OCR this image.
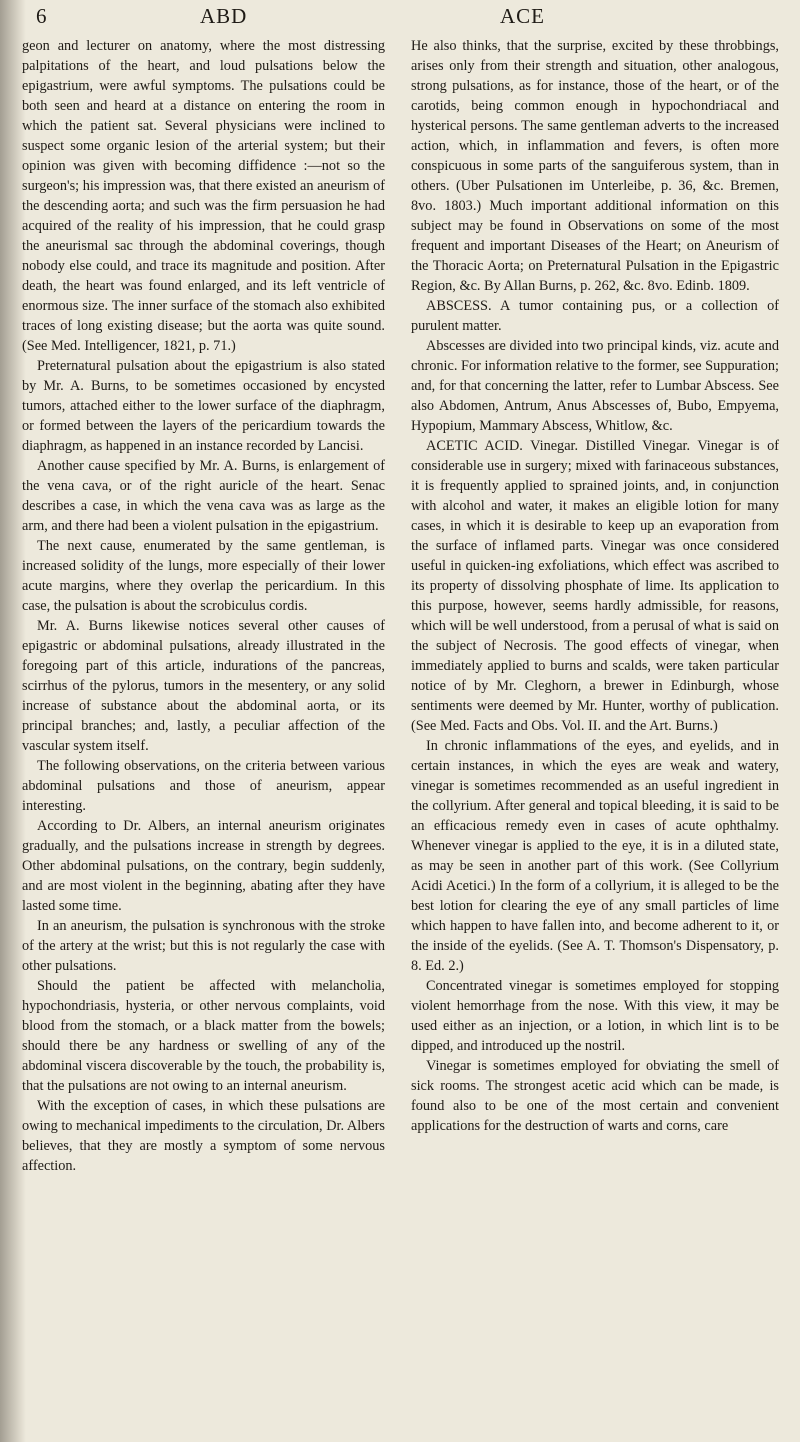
6	ABD	ACE

geon and lecturer on anatomy, where the most distressing palpitations of the heart, and loud pulsations below the epigastrium, were awful symptoms. The pulsations could be both seen and heard at a distance on entering the room in which the patient sat. Several physicians were inclined to suspect some organic lesion of the arterial system; but their opinion was given with becoming diffidence :—not so the surgeon's; his impression was, that there existed an aneurism of the descending aorta; and such was the firm persuasion he had acquired of the reality of his impression, that he could grasp the aneurismal sac through the abdominal coverings, though nobody else could, and trace its magnitude and position. After death, the heart was found enlarged, and its left ventricle of enormous size. The inner surface of the stomach also exhibited traces of long existing disease; but the aorta was quite sound. (See Med. Intelligencer, 1821, p. 71.)

Preternatural pulsation about the epigastrium is also stated by Mr. A. Burns, to be sometimes occasioned by encysted tumors, attached either to the lower surface of the diaphragm, or formed between the layers of the pericardium towards the diaphragm, as happened in an instance recorded by Lancisi.

Another cause specified by Mr. A. Burns, is enlargement of the vena cava, or of the right auricle of the heart. Senac describes a case, in which the vena cava was as large as the arm, and there had been a violent pulsation in the epigastrium.

The next cause, enumerated by the same gentleman, is increased solidity of the lungs, more especially of their lower acute margins, where they overlap the pericardium. In this case, the pulsation is about the scrobiculus cordis.

Mr. A. Burns likewise notices several other causes of epigastric or abdominal pulsations, already illustrated in the foregoing part of this article, indurations of the pancreas, scirrhus of the pylorus, tumors in the mesentery, or any solid increase of substance about the abdominal aorta, or its principal branches; and, lastly, a peculiar affection of the vascular system itself.

The following observations, on the criteria between various abdominal pulsations and those of aneurism, appear interesting.

According to Dr. Albers, an internal aneurism originates gradually, and the pulsations increase in strength by degrees. Other abdominal pulsations, on the contrary, begin suddenly, and are most violent in the beginning, abating after they have lasted some time.

In an aneurism, the pulsation is synchronous with the stroke of the artery at the wrist; but this is not regularly the case with other pulsations.

Should the patient be affected with melancholia, hypochondriasis, hysteria, or other nervous complaints, void blood from the stomach, or a black matter from the bowels; should there be any hardness or swelling of any of the abdominal viscera discoverable by the touch, the probability is, that the pulsations are not owing to an internal aneurism.

With the exception of cases, in which these pulsations are owing to mechanical impediments to the circulation, Dr. Albers believes, that they are mostly a symptom of some nervous affection.

He also thinks, that the surprise, excited by these throbbings, arises only from their strength and situation, other analogous, strong pulsations, as for instance, those of the heart, or of the carotids, being common enough in hypochondriacal and hysterical persons. The same gentleman adverts to the increased action, which, in inflammation and fevers, is often more conspicuous in some parts of the sanguiferous system, than in others. (Uber Pulsationen im Unterleibe, p. 36, &c. Bremen, 8vo. 1803.) Much important additional information on this subject may be found in Observations on some of the most frequent and important Diseases of the Heart; on Aneurism of the Thoracic Aorta; on Preternatural Pulsation in the Epigastric Region, &c. By Allan Burns, p. 262, &c. 8vo. Edinb. 1809.

ABSCESS. A tumor containing pus, or a collection of purulent matter.

Abscesses are divided into two principal kinds, viz. acute and chronic. For information relative to the former, see Suppuration; and, for that concerning the latter, refer to Lumbar Abscess. See also Abdomen, Antrum, Anus Abscesses of, Bubo, Empyema, Hypopium, Mammary Abscess, Whitlow, &c.

ACETIC ACID. Vinegar. Distilled Vinegar. Vinegar is of considerable use in surgery; mixed with farinaceous substances, it is frequently applied to sprained joints, and, in conjunction with alcohol and water, it makes an eligible lotion for many cases, in which it is desirable to keep up an evaporation from the surface of inflamed parts. Vinegar was once considered useful in quicken-ing exfoliations, which effect was ascribed to its property of dissolving phosphate of lime. Its application to this purpose, however, seems hardly admissible, for reasons, which will be well understood, from a perusal of what is said on the subject of Necrosis. The good effects of vinegar, when immediately applied to burns and scalds, were taken particular notice of by Mr. Cleghorn, a brewer in Edinburgh, whose sentiments were deemed by Mr. Hunter, worthy of publication. (See Med. Facts and Obs. Vol. II. and the Art. Burns.)

In chronic inflammations of the eyes, and eyelids, and in certain instances, in which the eyes are weak and watery, vinegar is sometimes recommended as an useful ingredient in the collyrium. After general and topical bleeding, it is said to be an efficacious remedy even in cases of acute ophthalmy. Whenever vinegar is applied to the eye, it is in a diluted state, as may be seen in another part of this work. (See Collyrium Acidi Acetici.) In the form of a collyrium, it is alleged to be the best lotion for clearing the eye of any small particles of lime which happen to have fallen into, and become adherent to it, or the inside of the eyelids. (See A. T. Thomson's Dispensatory, p. 8. Ed. 2.)

Concentrated vinegar is sometimes employed for stopping violent hemorrhage from the nose. With this view, it may be used either as an injection, or a lotion, in which lint is to be dipped, and introduced up the nostril.

Vinegar is sometimes employed for obviating the smell of sick rooms. The strongest acetic acid which can be made, is found also to be one of the most certain and convenient applications for the destruction of warts and corns, care
